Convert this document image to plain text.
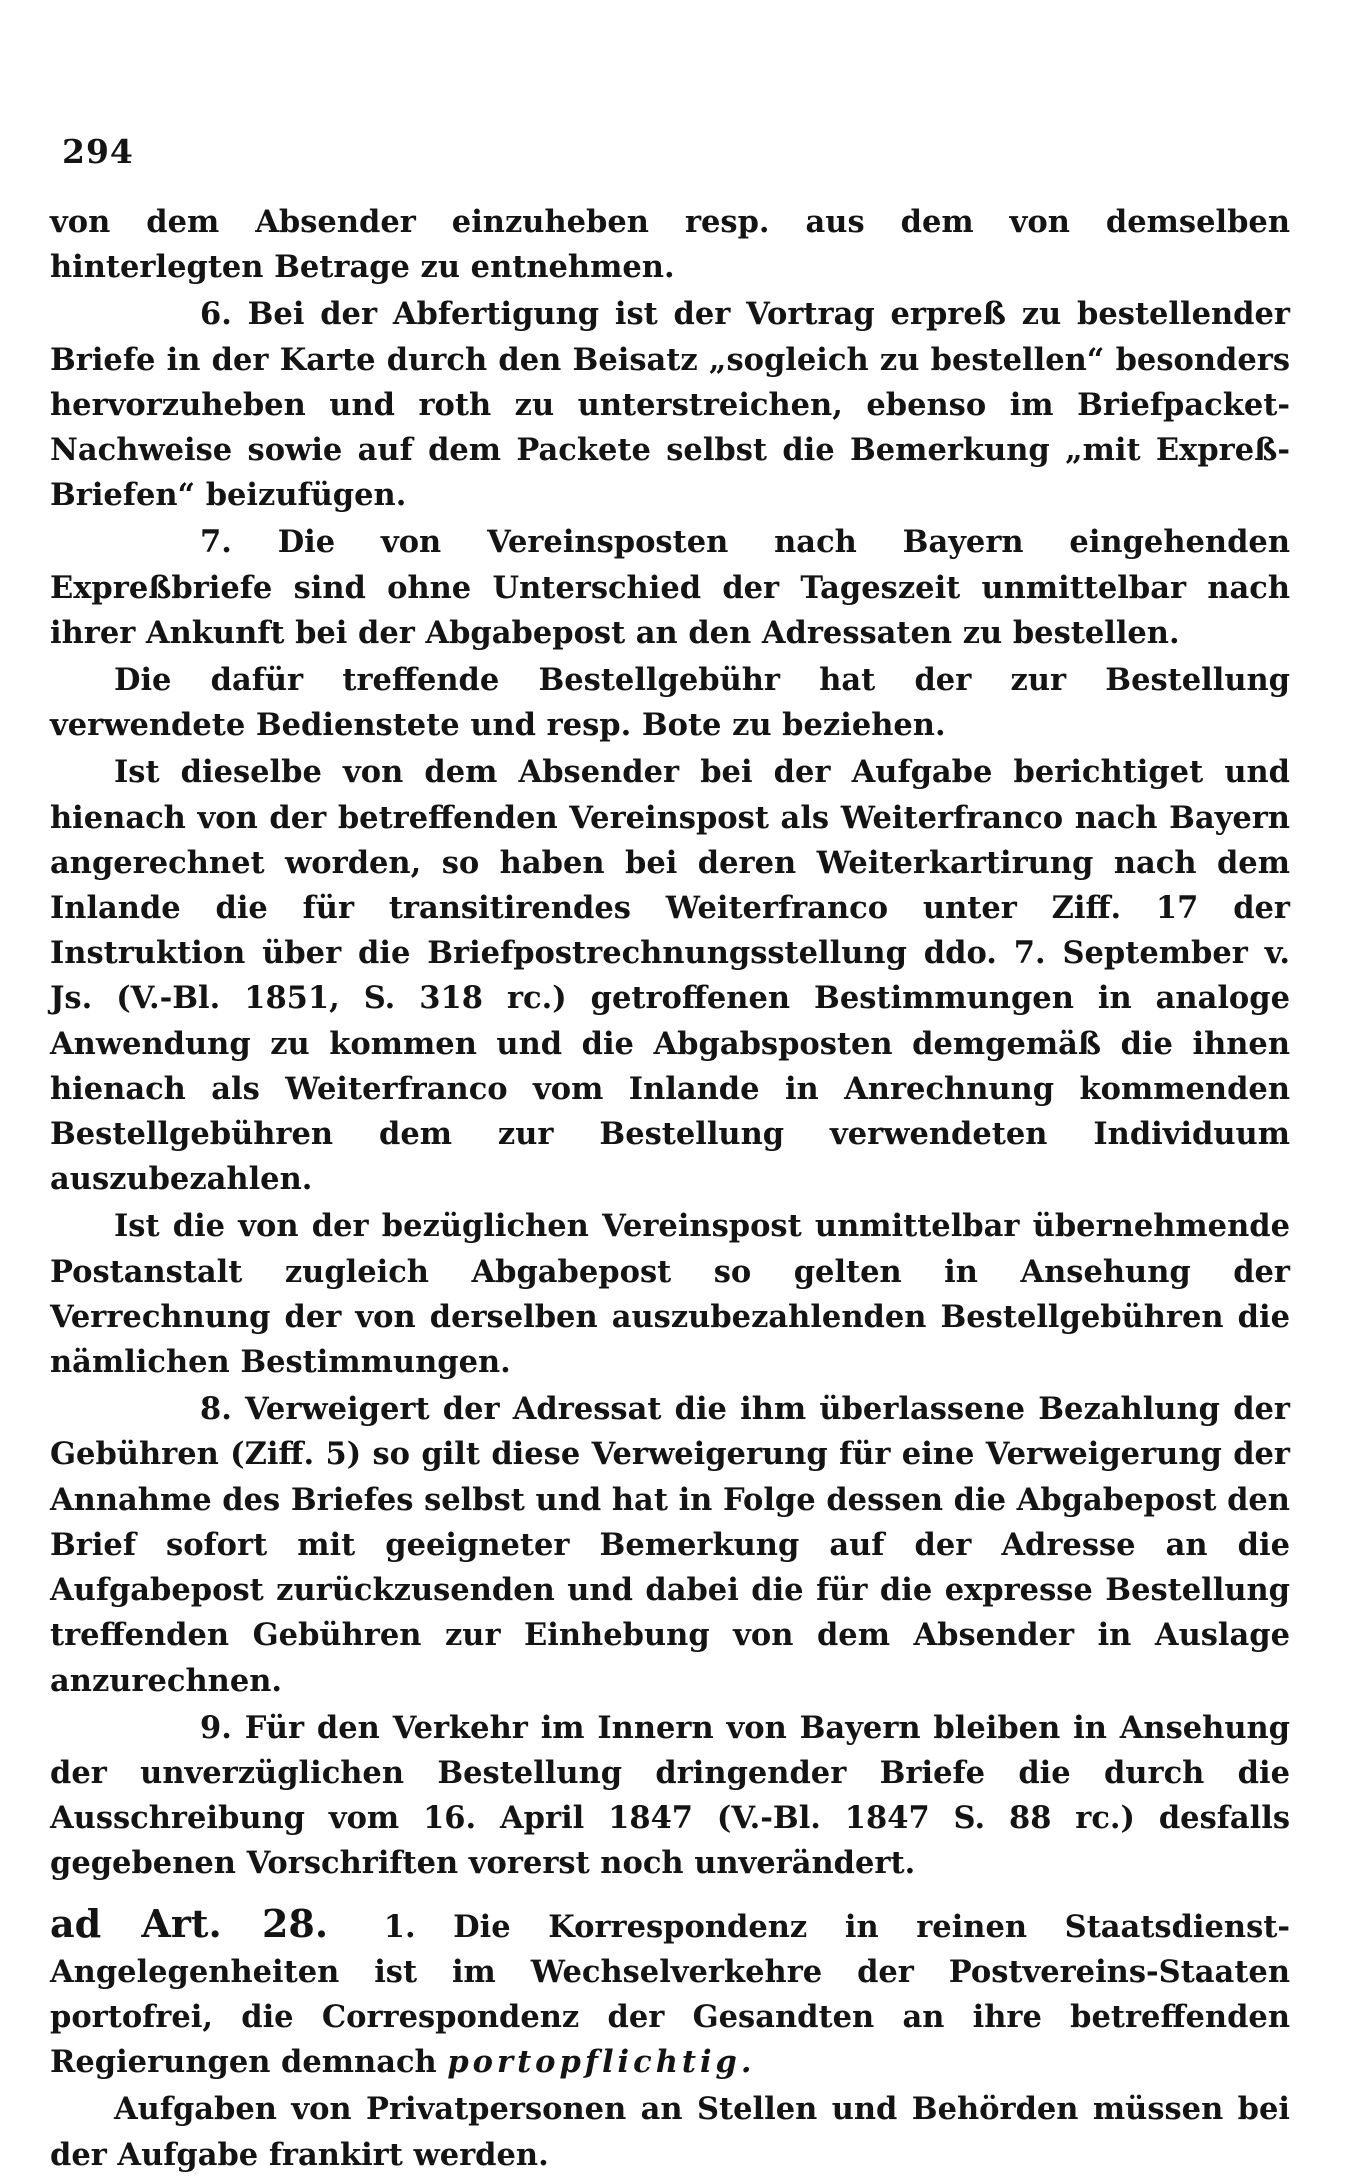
294

von dem Absender einzuheben resp. aus dem von demselben hinterlegten Betrage zu entnehmen.

6. Bei der Abfertigung ist der Vortrag erpreß zu bestellender Briefe in der Karte durch den Beisatz „sogleich zu bestellen“ besonders hervorzuheben und roth zu unterstreichen, ebenso im Briefpacket-Nachweise sowie auf dem Packete selbst die Bemerkung „mit Expreß-Briefen“ beizufügen.

7. Die von Vereinsposten nach Bayern eingehenden Expreßbriefe sind ohne Unterschied der Tageszeit unmittelbar nach ihrer Ankunft bei der Abgabepost an den Adressaten zu bestellen.

Die dafür treffende Bestellgebühr hat der zur Bestellung verwendete Bedienstete und resp. Bote zu beziehen.

Ist dieselbe von dem Absender bei der Aufgabe berichtiget und hienach von der betreffenden Vereinspost als Weiterfranco nach Bayern angerechnet worden, so haben bei deren Weiterkartirung nach dem Inlande die für transitirendes Weiterfranco unter Ziff. 17 der Instruktion über die Briefpostrechnungsstellung ddo. 7. September v. Js. (V.-Bl. 1851, S. 318 rc.) getroffenen Bestimmungen in analoge Anwendung zu kommen und die Abgabsposten demgemäß die ihnen hienach als Weiterfranco vom Inlande in Anrechnung kommenden Bestellgebühren dem zur Bestellung verwendeten Individuum auszubezahlen.

Ist die von der bezüglichen Vereinspost unmittelbar übernehmende Postanstalt zugleich Abgabepost so gelten in Ansehung der Verrechnung der von derselben auszubezahlenden Bestellgebühren die nämlichen Bestimmungen.

8. Verweigert der Adressat die ihm überlassene Bezahlung der Gebühren (Ziff. 5) so gilt diese Verweigerung für eine Verweigerung der Annahme des Briefes selbst und hat in Folge dessen die Abgabepost den Brief sofort mit geeigneter Bemerkung auf der Adresse an die Aufgabepost zurückzusenden und dabei die für die expresse Bestellung treffenden Gebühren zur Einhebung von dem Absender in Auslage anzurechnen.

9. Für den Verkehr im Innern von Bayern bleiben in Ansehung der unverzüglichen Bestellung dringender Briefe die durch die Ausschreibung vom 16. April 1847 (V.-Bl. 1847 S. 88 rc.) desfalls gegebenen Vorschriften vorerst noch unverändert.

ad Art. 28. 1. Die Korrespondenz in reinen Staatsdienst-Angelegenheiten ist im Wechselverkehre der Postvereins-Staaten portofrei, die Correspondenz der Gesandten an ihre betreffenden Regierungen demnach portopflichtig.

Aufgaben von Privatpersonen an Stellen und Behörden müssen bei der Aufgabe frankirt werden.
